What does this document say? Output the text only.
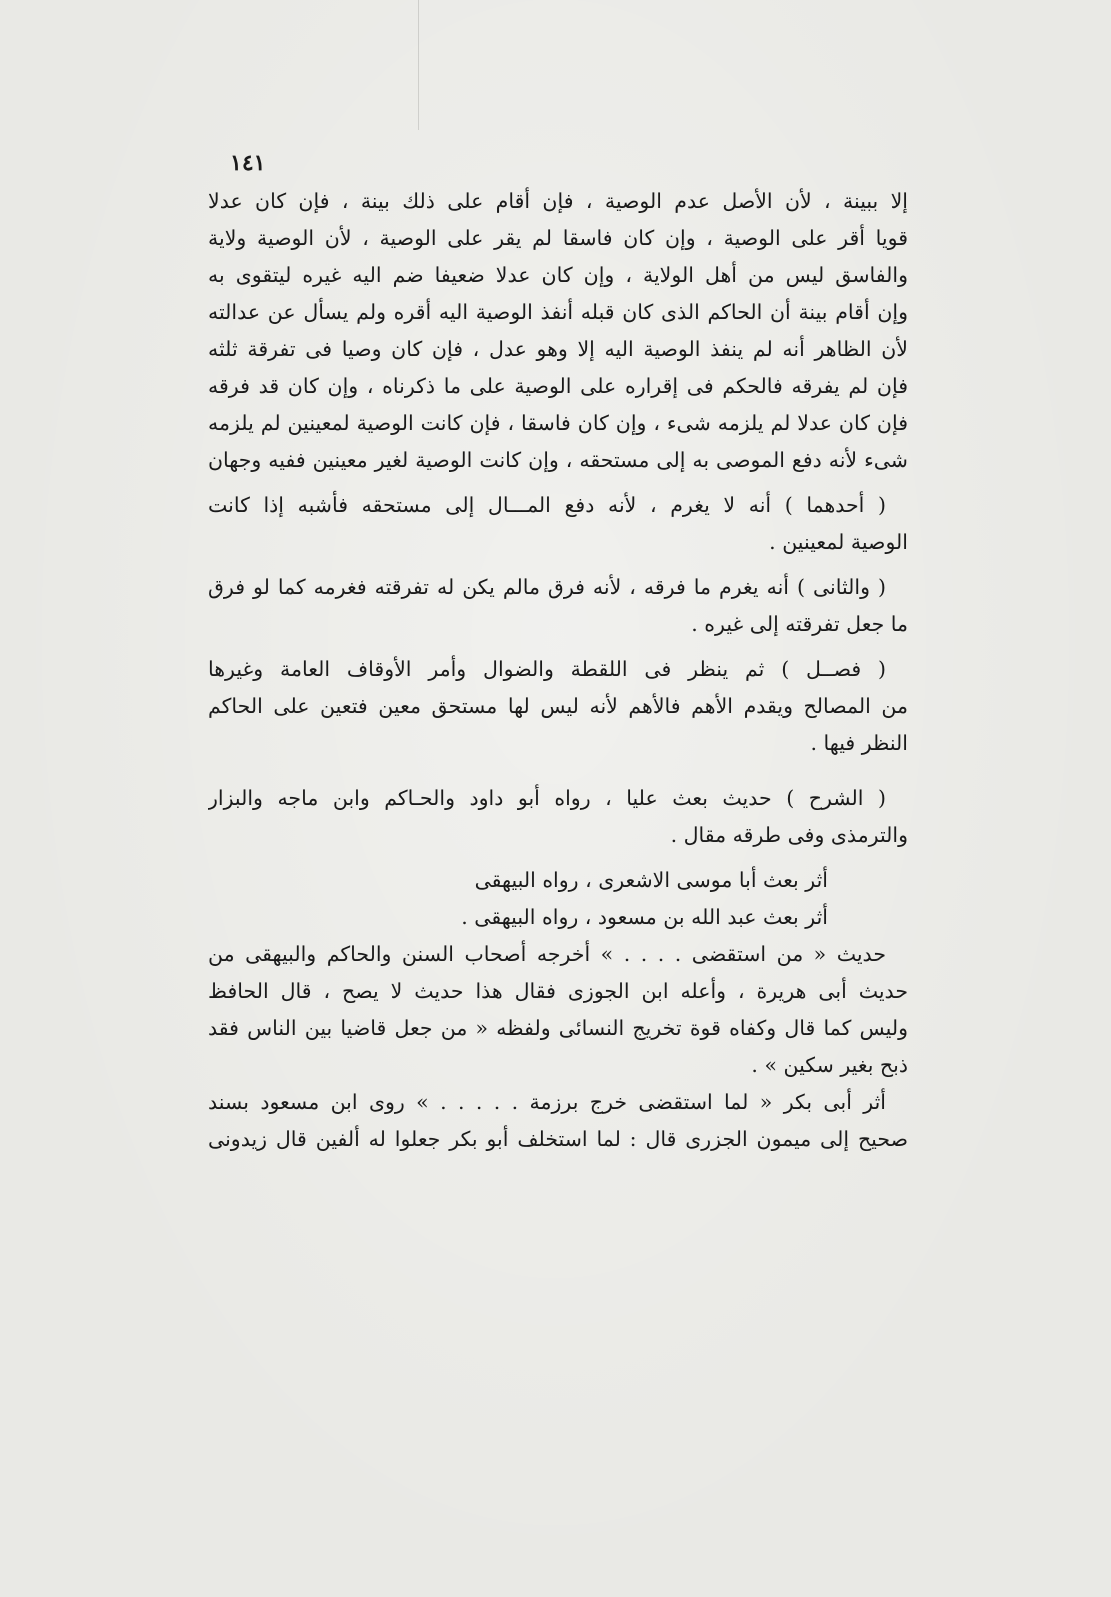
١٤١
إلا ببينة ، لأن الأصل عدم الوصية ، فإن أقام على ذلك بينة ، فإن كان عدلا
قويا أقر على الوصية ، وإن كان فاسقا لم يقر على الوصية ، لأن الوصية ولاية
والفاسق ليس من أهل الولاية ، وإن كان عدلا ضعيفا ضم اليه غيره ليتقوى به
وإن أقام بينة أن الحاكم الذى كان قبله أنفذ الوصية اليه أقره ولم يسأل عن عدالته
لأن الظاهر أنه لم ينفذ الوصية اليه إلا وهو عدل ، فإن كان وصيا فى تفرقة ثلثه
فإن لم يفرقه فالحكم فى إقراره على الوصية على ما ذكرناه ، وإن كان قد فرقه
فإن كان عدلا لم يلزمه شىء ، وإن كان فاسقا ، فإن كانت الوصية لمعينين لم يلزمه
شىء لأنه دفع الموصى به إلى مستحقه ، وإن كانت الوصية لغير معينين ففيه وجهان
( أحدهما ) أنه لا يغرم ، لأنه دفع المـــال إلى مستحقه فأشبه إذا كانت
الوصية لمعينين .
( والثانى ) أنه يغرم ما فرقه ، لأنه فرق مالم يكن له تفرقته فغرمه كما لو فرق
ما جعل تفرقته إلى غيره .
( فصــل ) ثم ينظر فى اللقطة والضوال وأمر الأوقاف العامة وغيرها
من المصالح ويقدم الأهم فالأهم لأنه ليس لها مستحق معين فتعين على الحاكم
النظر فيها .
( الشرح ) حديث بعث عليا ، رواه أبو داود والحـاكم وابن ماجه والبزار
والترمذى وفى طرقه مقال .
أثر بعث أبا موسى الاشعرى ، رواه البيهقى
أثر بعث عبد الله بن مسعود ، رواه البيهقى .
حديث « من استقضى . . . . » أخرجه أصحاب السنن والحاكم والبيهقى من
حديث أبى هريرة ، وأعله ابن الجوزى فقال هذا حديث لا يصح ، قال الحافظ
وليس كما قال وكفاه قوة تخريج النسائى ولفظه « من جعل قاضيا بين الناس فقد
ذبح بغير سكين » .
أثر أبى بكر « لما استقضى خرج برزمة . . . . . » روى ابن مسعود بسند
صحيح إلى ميمون الجزرى قال : لما استخلف أبو بكر جعلوا له ألفين قال زيدونى
